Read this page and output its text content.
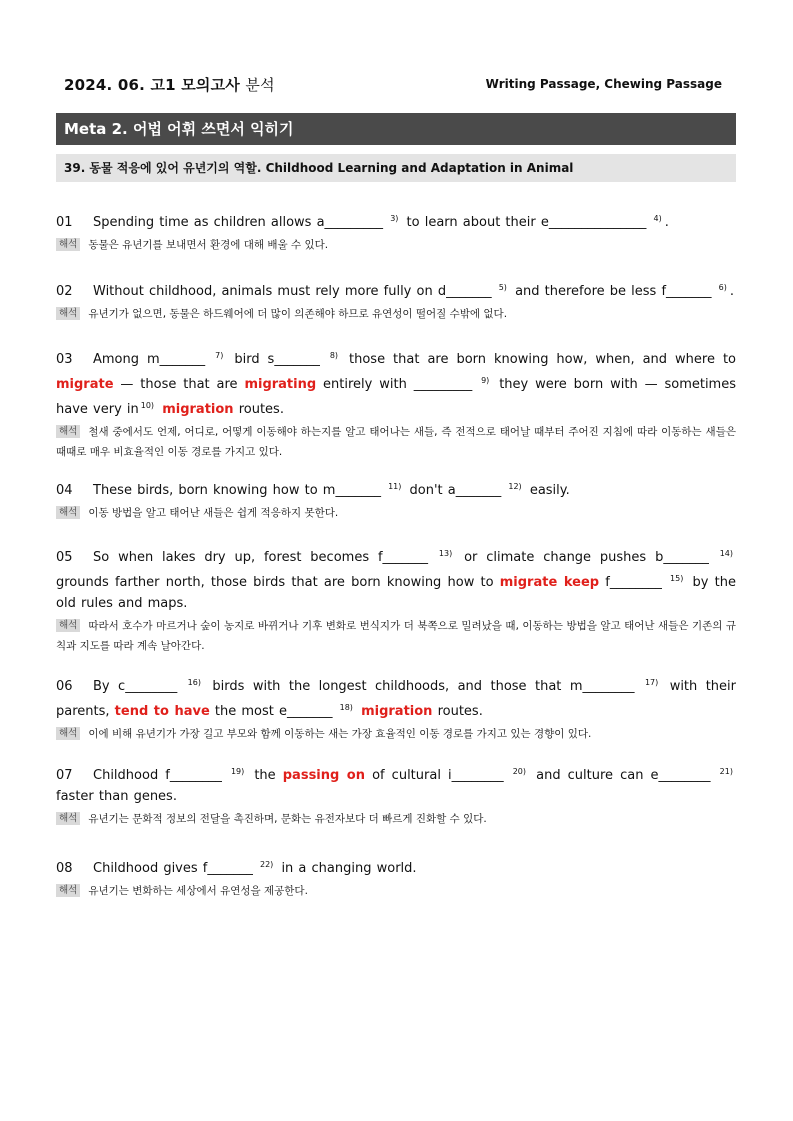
2024. 06. 고1 모의고사 분석	Writing Passage, Chewing Passage
Meta 2. 어법 어휘 쓰면서 익히기
39. 동물 적응에 있어 유년기의 역할. Childhood Learning and Adaptation in Animal

01 Spending time as children allows a_________ $^{3)}$ to learn about their e_______________ $^{4)}$ .

해석 동물은 유년기를 보내면서 환경에 대해 배울 수 있다.

02 Without childhood, animals must rely more fully on d_______ $^{5)}$ and therefore be less f_______ $^{6)}$ .

해석 유년기가 없으면, 동물은 하드웨어에 더 많이 의존해야 하므로 유연성이 떨어질 수밖에 없다.

03 Among m_______ $^{7)}$ bird s_______ $^{8)}$ those that are born knowing how, when, and where to migrate — those that are migrating entirely with _________ $^{9)}$ they were born with — sometimes have very in $^{10)}$ migration routes.

해석 철새 중에서도 언제, 어디로, 어떻게 이동해야 하는지를 알고 태어나는 새들, 즉 전적으로 태어날 때부터 주어진 지침에 따라 이동하는 새들은 때때로 매우 비효율적인 이동 경로를 가지고 있다.

04 These birds, born knowing how to m_______ $^{11)}$ don't a_______ $^{12)}$ easily.

해석 이동 방법을 알고 태어난 새들은 쉽게 적응하지 못한다.

05 So when lakes dry up, forest becomes f_______ $^{13)}$ or climate change pushes b_______ $^{14)}$ grounds farther north, those birds that are born knowing how to migrate keep f________ $^{15)}$ by the old rules and maps.

해석 따라서 호수가 마르거나 숲이 농지로 바뀌거나 기후 변화로 번식지가 더 북쪽으로 밀려났을 때, 이동하는 방법을 알고 태어난 새들은 기존의 규칙과 지도를 따라 계속 날아간다.

06 By c________ $^{16)}$ birds with the longest childhoods, and those that m________ $^{17)}$ with their parents, tend to have the most e_______ $^{18)}$ migration routes.

해석 이에 비해 유년기가 가장 길고 부모와 함께 이동하는 새는 가장 효율적인 이동 경로를 가지고 있는 경향이 있다.

07 Childhood f________ $^{19)}$ the passing on of cultural i________ $^{20)}$ and culture can e________ $^{21)}$ faster than genes.

해석 유년기는 문화적 정보의 전달을 촉진하며, 문화는 유전자보다 더 빠르게 진화할 수 있다.

08 Childhood gives f_______ $^{22)}$ in a changing world.

해석 유년기는 변화하는 세상에서 유연성을 제공한다.
